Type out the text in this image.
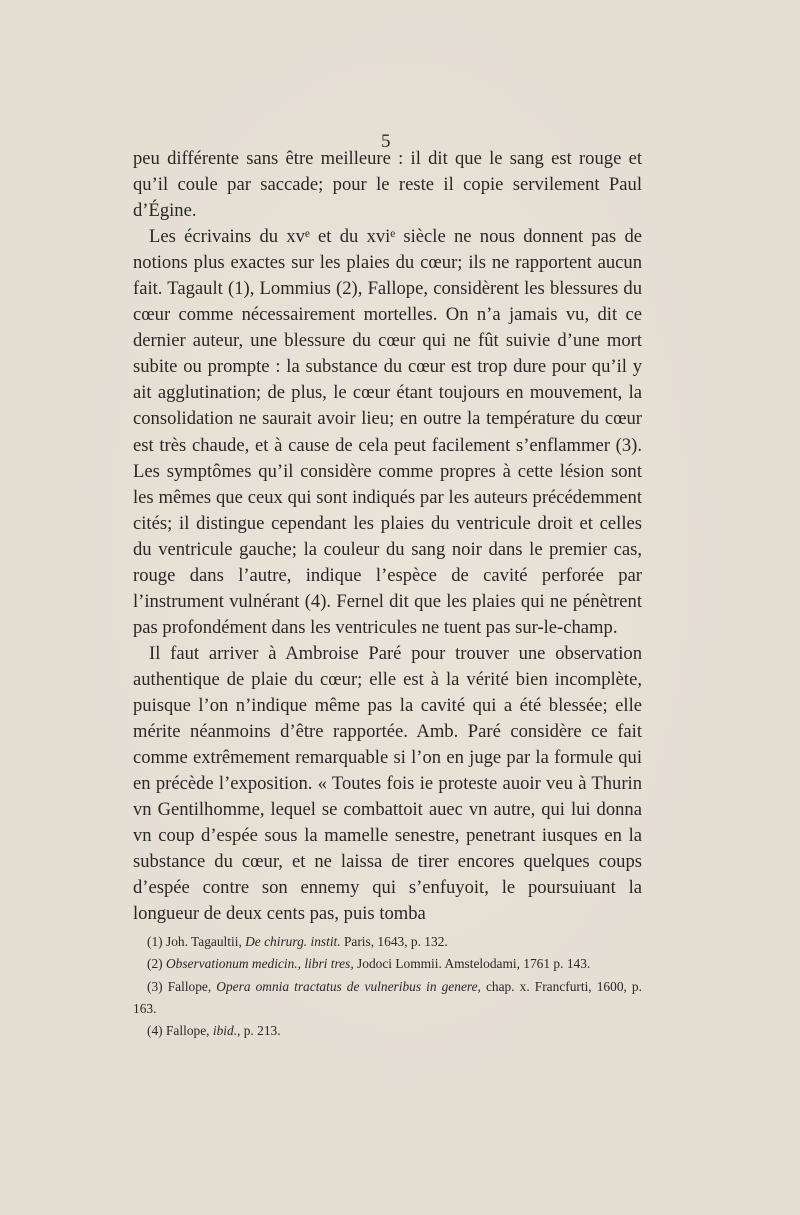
5

peu différente sans être meilleure : il dit que le sang est rouge et qu’il coule par saccade; pour le reste il copie servilement Paul d’Égine.

Les écrivains du xvᵉ et du xviᵉ siècle ne nous donnent pas de notions plus exactes sur les plaies du cœur; ils ne rapportent aucun fait. Tagault (1), Lommius (2), Fallope, considèrent les blessures du cœur comme nécessairement mortelles. On n’a jamais vu, dit ce dernier auteur, une blessure du cœur qui ne fût suivie d’une mort subite ou prompte : la substance du cœur est trop dure pour qu’il y ait agglutination; de plus, le cœur étant toujours en mouvement, la consolidation ne saurait avoir lieu; en outre la température du cœur est très chaude, et à cause de cela peut facilement s’enflammer (3). Les symptômes qu’il considère comme propres à cette lésion sont les mêmes que ceux qui sont indiqués par les auteurs précédemment cités; il distingue cependant les plaies du ventricule droit et celles du ventricule gauche; la couleur du sang noir dans le premier cas, rouge dans l’autre, indique l’espèce de cavité perforée par l’instrument vulnérant (4). Fernel dit que les plaies qui ne pénètrent pas profondément dans les ventricules ne tuent pas sur-le-champ.

Il faut arriver à Ambroise Paré pour trouver une observation authentique de plaie du cœur; elle est à la vérité bien incomplète, puisque l’on n’indique même pas la cavité qui a été blessée; elle mérite néanmoins d’être rapportée. Amb. Paré considère ce fait comme extrêmement remarquable si l’on en juge par la formule qui en précède l’exposition. « Toutes fois ie proteste auoir veu à Thurin vn Gentilhomme, lequel se combattoit auec vn autre, qui lui donna vn coup d’espée sous la mamelle senestre, penetrant iusques en la substance du cœur, et ne laissa de tirer encores quelques coups d’espée contre son ennemy qui s’enfuyoit, le poursuiuant la longueur de deux cents pas, puis tomba

(1) Joh. Tagaultii, De chirurg. instit. Paris, 1643, p. 132.

(2) Observationum medicin., libri tres, Jodoci Lommii. Amstelodami, 1761 p. 143.

(3) Fallope, Opera omnia tractatus de vulneribus in genere, chap. x. Francfurti, 1600, p. 163.

(4) Fallope, ibid., p. 213.
